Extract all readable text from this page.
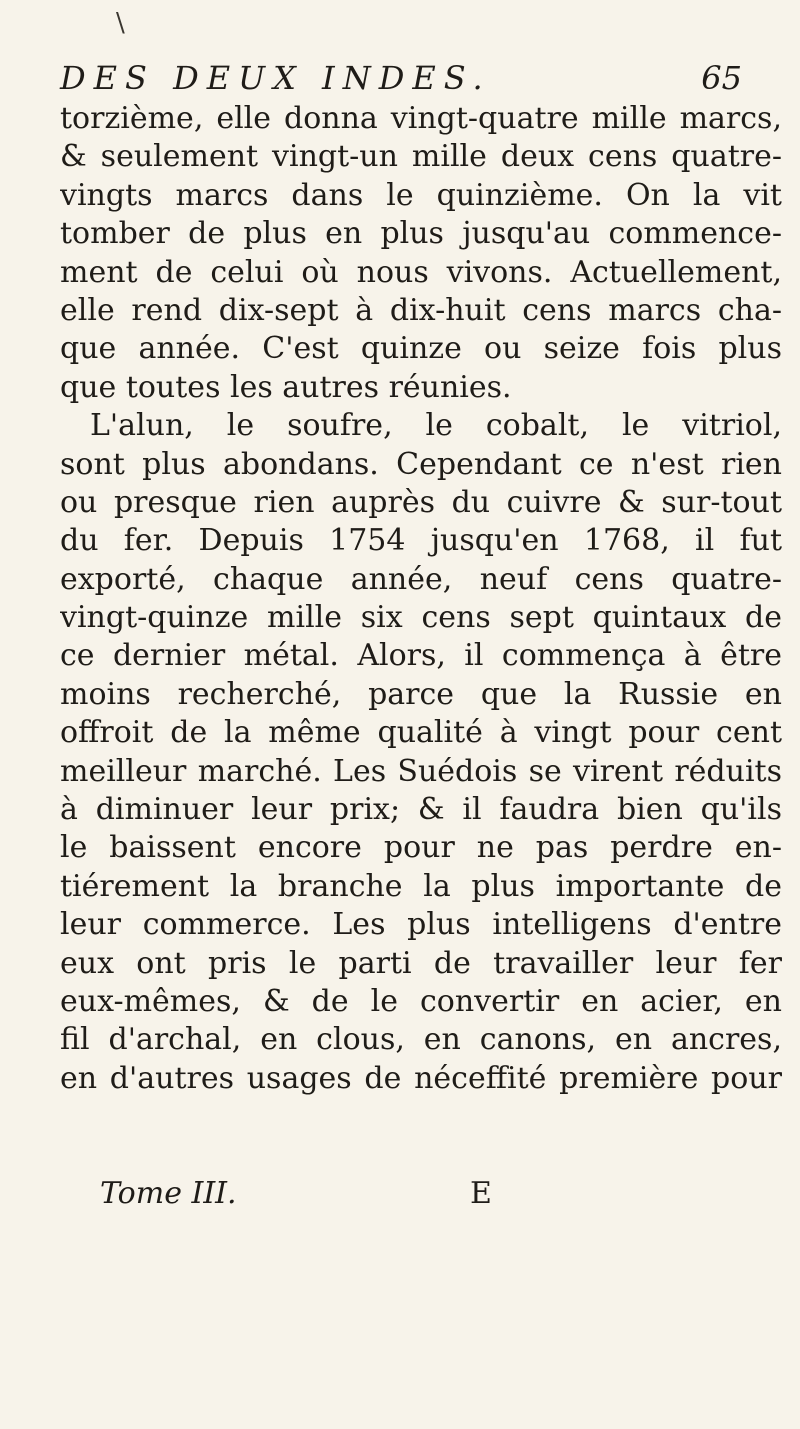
\
DES DEUX INDES.	65
torzième, elle donna vingt-quatre mille marcs,
& seulement vingt-un mille deux cens quatre-
vingts marcs dans le quinzième. On la vit
tomber de plus en plus jusqu'au commence-
ment de celui où nous vivons. Actuellement,
elle rend dix-sept à dix-huit cens marcs cha-
que année. C'est quinze ou seize fois plus
que toutes les autres réunies.
L'alun, le soufre, le cobalt, le vitriol,
sont plus abondans. Cependant ce n'est rien
ou presque rien auprès du cuivre & sur-tout
du fer. Depuis 1754 jusqu'en 1768, il fut
exporté, chaque année, neuf cens quatre-
vingt-quinze mille six cens sept quintaux de
ce dernier métal. Alors, il commença à être
moins recherché, parce que la Russie en
offroit de la même qualité à vingt pour cent
meilleur marché. Les Suédois se virent réduits
à diminuer leur prix; & il faudra bien qu'ils
le baissent encore pour ne pas perdre en-
tiérement la branche la plus importante de
leur commerce. Les plus intelligens d'entre
eux ont pris le parti de travailler leur fer
eux-mêmes, & de le convertir en acier, en
fil d'archal, en clous, en canons, en ancres,
en d'autres usages de néceffité première pour
Tome III.	E
